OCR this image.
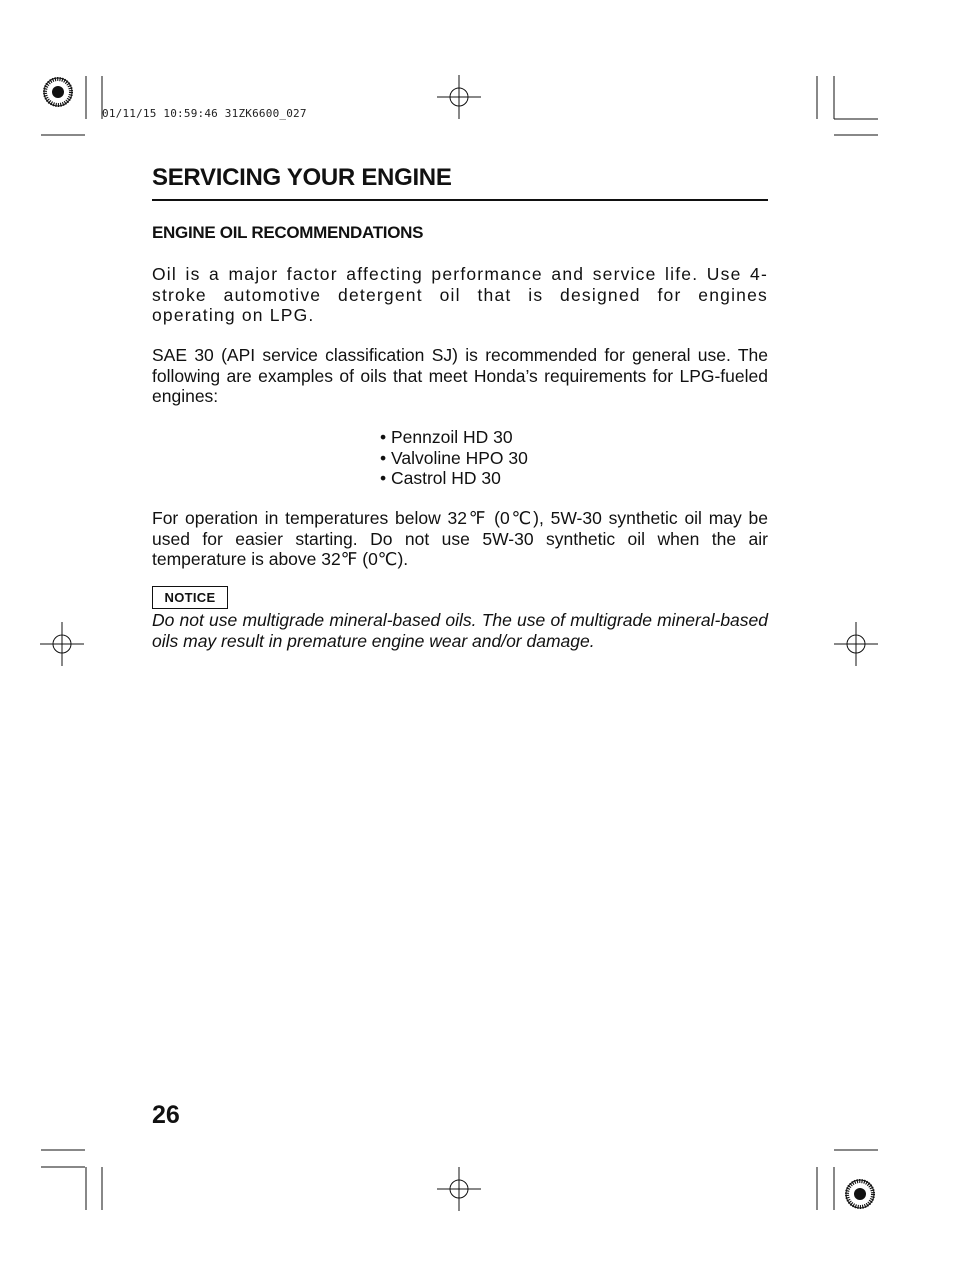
01/11/15 10:59:46 31ZK6600_027
SERVICING YOUR ENGINE
ENGINE OIL RECOMMENDATIONS

Oil is a major factor affecting performance and service life. Use 4-stroke automotive detergent oil that is designed for engines operating on LPG.

SAE 30 (API service classification SJ) is recommended for general use. The following are examples of oils that meet Honda’s requirements for LPG-fueled engines:

• Pennzoil HD 30
• Valvoline HPO 30
• Castrol HD 30

For operation in temperatures below 32℉ (0℃), 5W-30 synthetic oil may be used for easier starting. Do not use 5W-30 synthetic oil when the air temperature is above 32℉ (0℃).

NOTICE

Do not use multigrade mineral-based oils. The use of multigrade mineral-based oils may result in premature engine wear and/or damage.

26
